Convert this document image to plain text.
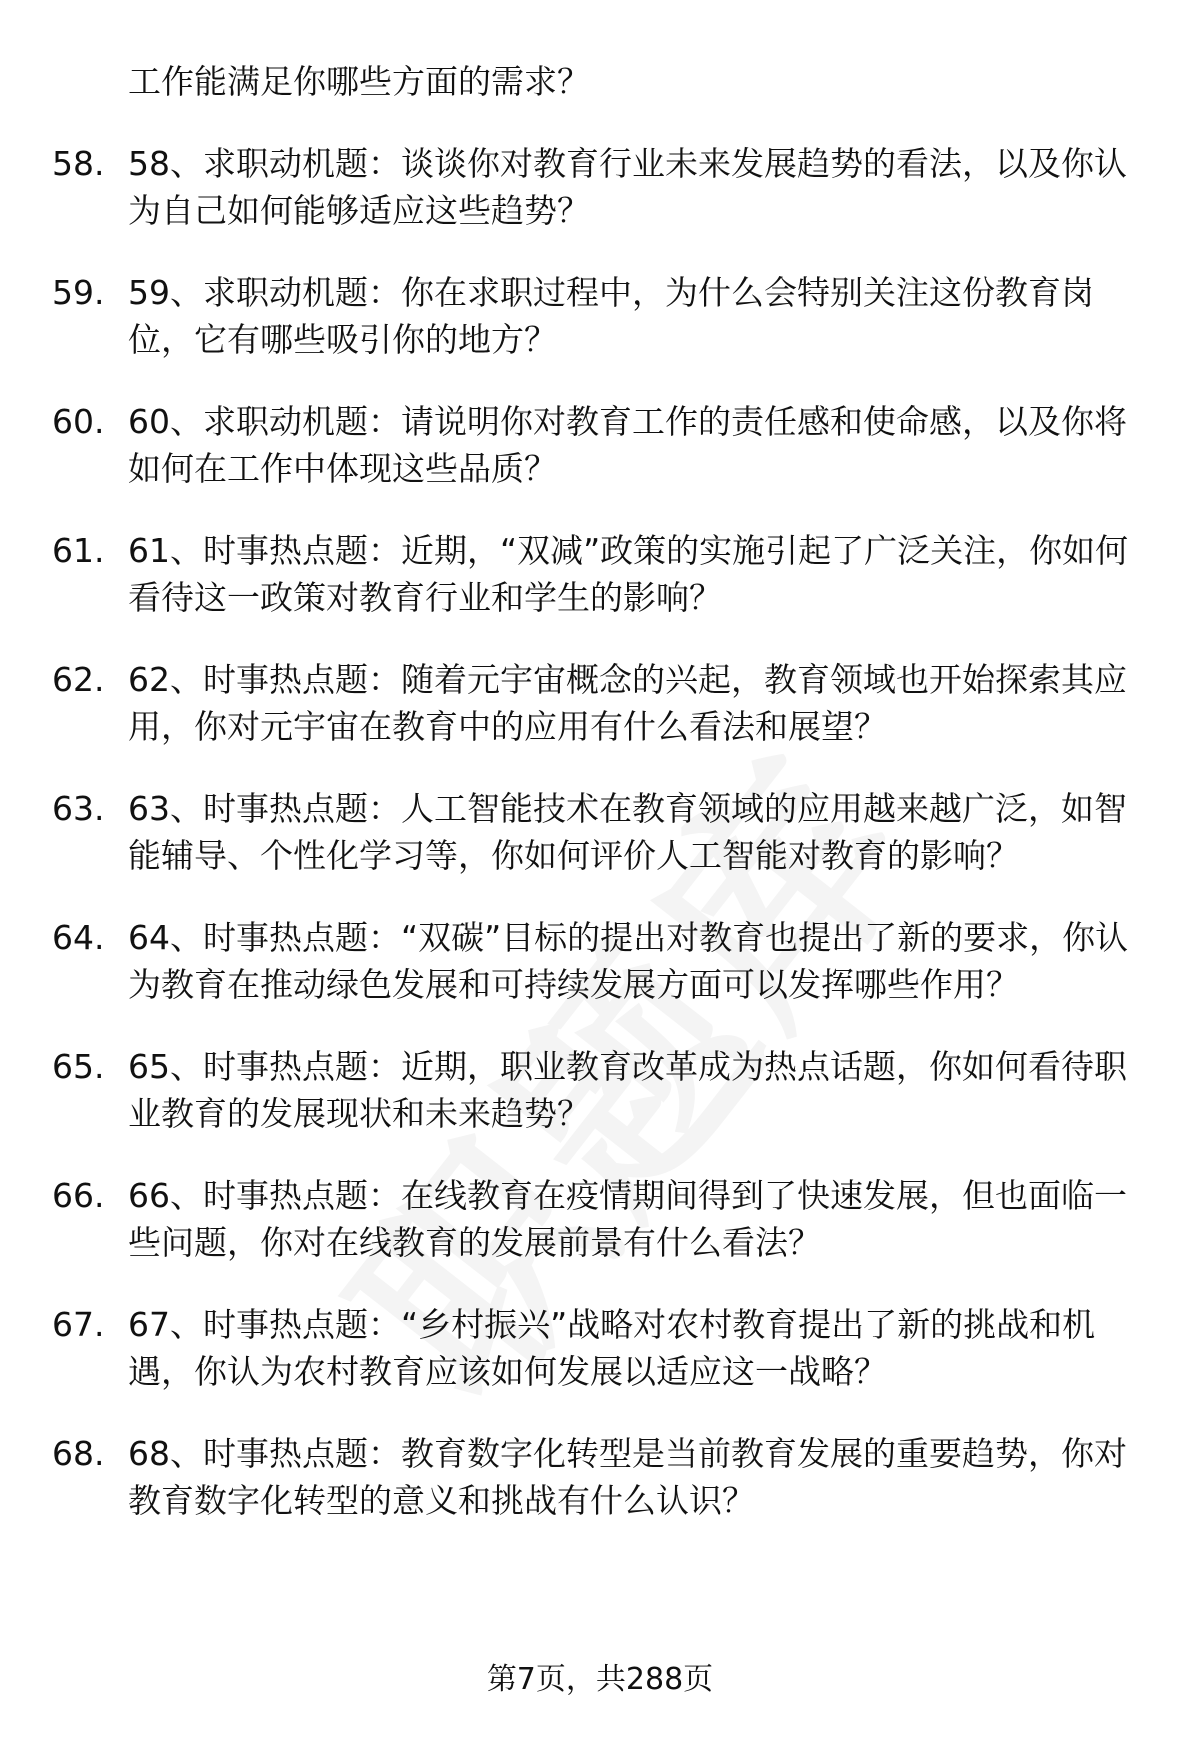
工作能满足你哪些方面的需求？
58. 58、求职动机题：谈谈你对教育行业未来发展趋势的看法，以及你认为自己如何能够适应这些趋势？
59. 59、求职动机题：你在求职过程中，为什么会特别关注这份教育岗位，它有哪些吸引你的地方？
60. 60、求职动机题：请说明你对教育工作的责任感和使命感，以及你将如何在工作中体现这些品质？
61. 61、时事热点题：近期，“双减”政策的实施引起了广泛关注，你如何看待这一政策对教育行业和学生的影响？
62. 62、时事热点题：随着元宇宙概念的兴起，教育领域也开始探索其应用，你对元宇宙在教育中的应用有什么看法和展望？
63. 63、时事热点题：人工智能技术在教育领域的应用越来越广泛，如智能辅导、个性化学习等，你如何评价人工智能对教育的影响？
64. 64、时事热点题：“双碳”目标的提出对教育也提出了新的要求，你认为教育在推动绿色发展和可持续发展方面可以发挥哪些作用？
65. 65、时事热点题：近期，职业教育改革成为热点话题，你如何看待职业教育的发展现状和未来趋势？
66. 66、时事热点题：在线教育在疫情期间得到了快速发展，但也面临一些问题，你对在线教育的发展前景有什么看法？
67. 67、时事热点题：“乡村振兴”战略对农村教育提出了新的挑战和机遇，你认为农村教育应该如何发展以适应这一战略？
68. 68、时事热点题：教育数字化转型是当前教育发展的重要趋势，你对教育数字化转型的意义和挑战有什么认识？
第7页，共288页
